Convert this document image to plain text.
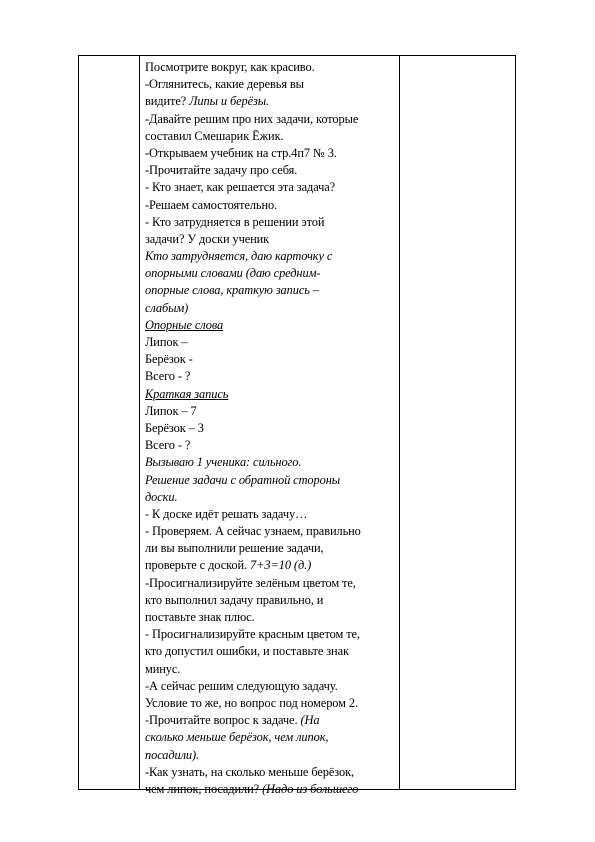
Посмотрите вокруг, как красиво.
-Оглянитесь, какие деревья вы
видите? Липы и берёзы.
-Давайте решим про них задачи, которые
составил Смешарик Ёжик.
-Открываем учебник на стр.4п7 № 3.
-Прочитайте задачу про себя.
- Кто знает, как решается эта задача?
-Решаем самостоятельно.
- Кто затрудняется в решении этой
задачи? У доски ученик
Кто затрудняется, даю карточку с
опорными словами (даю средним-
опорные слова, краткую запись –
слабым)
Опорные слова
Липок –
Берёзок -
Всего - ?
Краткая запись
Липок – 7
Берёзок – 3
Всего - ?
Вызываю 1 ученика: сильного.
Решение задачи с обратной стороны
доски.
- К доске идёт решать задачу…
- Проверяем. А сейчас узнаем, правильно
ли вы выполнили решение задачи,
проверьте с доской. 7+3=10 (д.)
-Просигнализируйте зелёным цветом те,
кто выполнил задачу правильно, и
поставьте знак плюс.
- Просигнализируйте красным цветом те,
кто допустил ошибки, и поставьте знак
минус.
-А сейчас решим следующую задачу.
Условие то же, но вопрос под номером 2.
-Прочитайте вопрос к задаче. (На
сколько меньше берёзок, чем липок,
посадили).
-Как узнать, на сколько меньше берёзок,
чем липок, посадили? (Надо из большего
